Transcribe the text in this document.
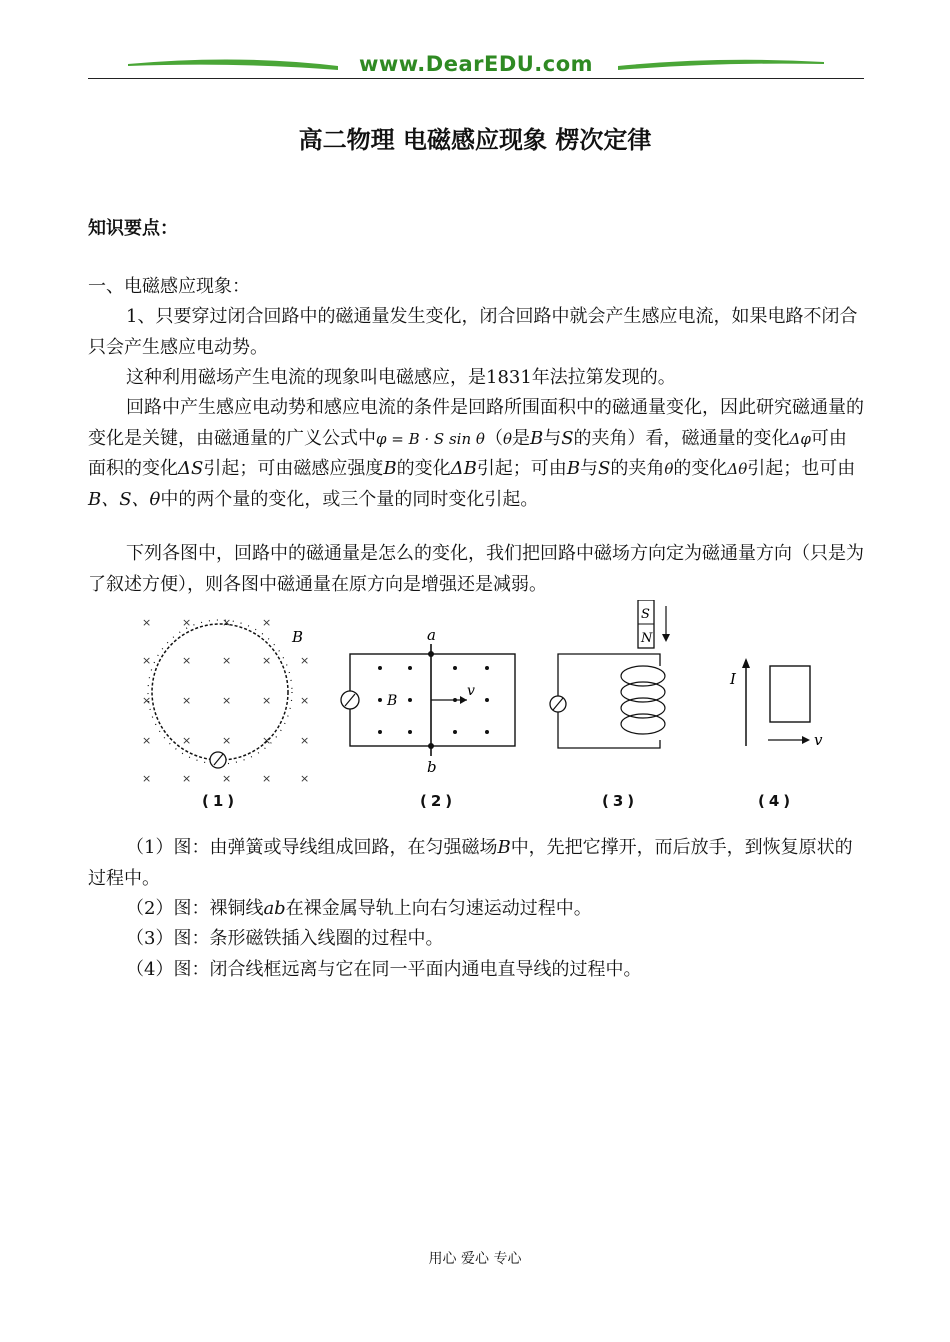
www.DearEDU.com
高二物理 电磁感应现象 楞次定律
知识要点：
一、电磁感应现象：
1、只要穿过闭合回路中的磁通量发生变化，闭合回路中就会产生感应电流，如果电路不闭合只会产生感应电动势。
这种利用磁场产生电流的现象叫电磁感应，是1831年法拉第发现的。
回路中产生感应电动势和感应电流的条件是回路所围面积中的磁通量变化，因此研究磁通量的变化是关键，由磁通量的广义公式中φ = B · S sin θ（θ是B与S的夹角）看，磁通量的变化Δφ可由面积的变化ΔS引起；可由磁感应强度B的变化ΔB引起；可由B与S的夹角θ的变化Δθ引起；也可由B、S、θ中的两个量的变化，或三个量的同时变化引起。
下列各图中，回路中的磁通量是怎么的变化，我们把回路中磁场方向定为磁通量方向（只是为了叙述方便），则各图中磁通量在原方向是增强还是减弱。
×	×	×	×
×	×	×	×	×
×	×	×	×	×
×	×	×	×	×
×	×	×	×	×
B	a
b
B
v
S
N
I
v
(1)	(2)	(3)	(4)
（1）图：由弹簧或导线组成回路，在匀强磁场B中，先把它撑开，而后放手，到恢复原状的过程中。
（2）图：裸铜线ab在裸金属导轨上向右匀速运动过程中。
（3）图：条形磁铁插入线圈的过程中。
（4）图：闭合线框远离与它在同一平面内通电直导线的过程中。
用心 爱心 专心
